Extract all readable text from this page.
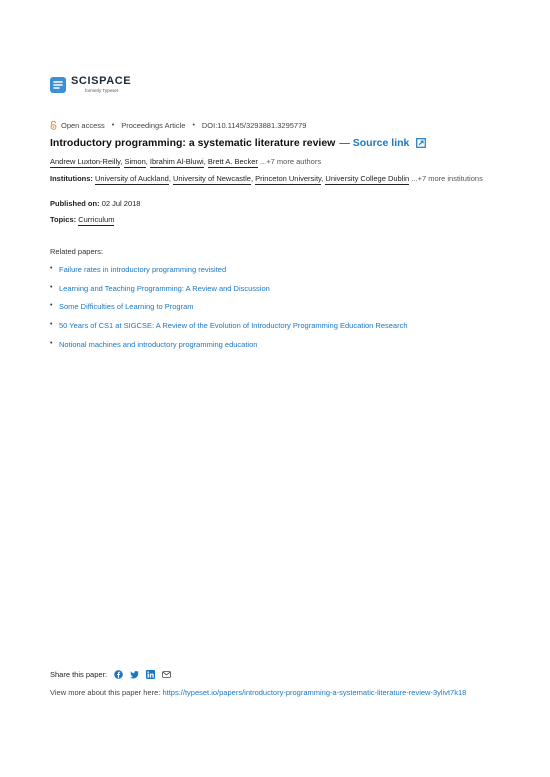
SCISPACE
formerly Typeset
Open access • Proceedings Article • DOI:10.1145/3293881.3295779
Introductory programming: a systematic literature review — Source link
Andrew Luxton-Reilly, Simon, Ibrahim Al-Bluwi, Brett A. Becker ...+7 more authors
Institutions: University of Auckland, University of Newcastle, Princeton University, University College Dublin ...+7 more institutions
Published on: 02 Jul 2018
Topics: Curriculum
Related papers:
• Failure rates in introductory programming revisited
• Learning and Teaching Programming: A Review and Discussion
• Some Difficulties of Learning to Program
• 50 Years of CS1 at SIGCSE: A Review of the Evolution of Introductory Programming Education Research
• Notional machines and introductory programming education
Share this paper:
View more about this paper here: https://typeset.io/papers/introductory-programming-a-systematic-literature-review-3ylivt7k18
